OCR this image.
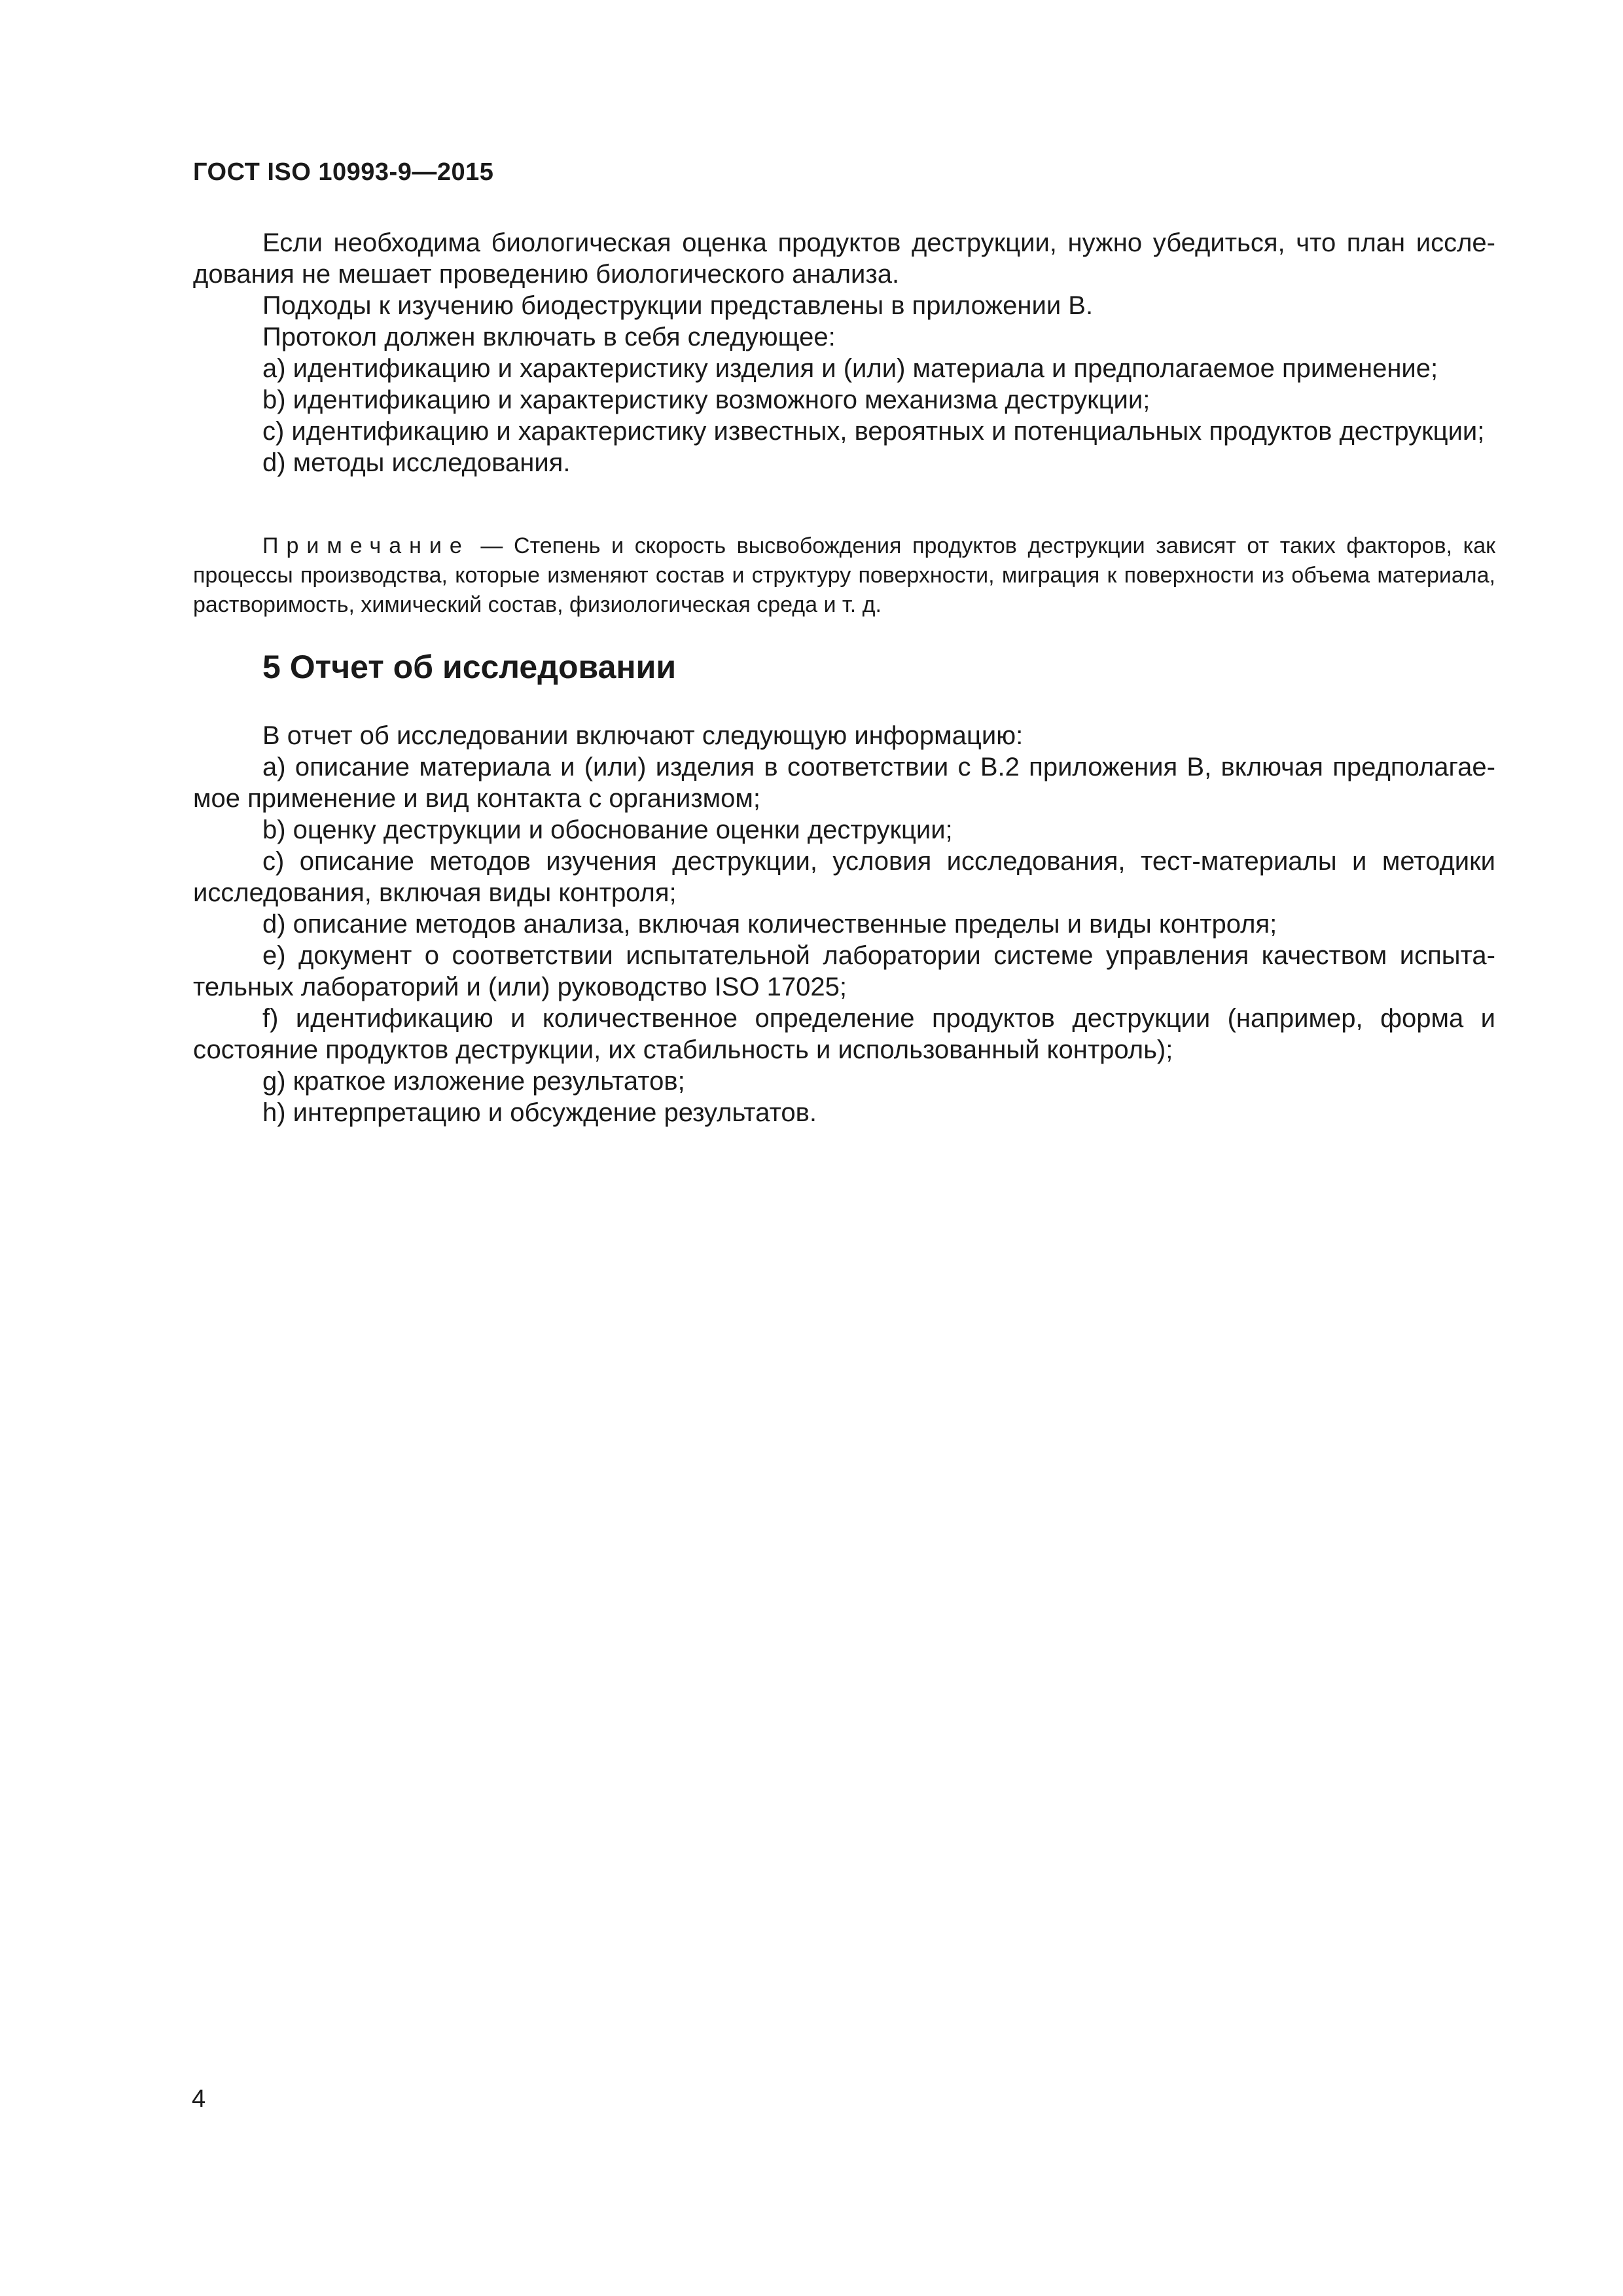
ГОСТ ISO 10993-9—2015

Если необходима биологическая оценка продуктов деструкции, нужно убедиться, что план иссле-дования не мешает проведению биологического анализа.

Подходы к изучению биодеструкции представлены в приложении В.

Протокол должен включать в себя следующее:

a) идентификацию и характеристику изделия и (или) материала и предполагаемое применение;

b) идентификацию и характеристику возможного механизма деструкции;

c) идентификацию и характеристику известных, вероятных и потенциальных продуктов деструкции;

d) методы исследования.

Примечание — Степень и скорость высвобождения продуктов деструкции зависят от таких факторов, как процессы производства, которые изменяют состав и структуру поверхности, миграция к поверхности из объема материала, растворимость, химический состав, физиологическая среда и т. д.

5 Отчет об исследовании

В отчет об исследовании включают следующую информацию:

a) описание материала и (или) изделия в соответствии с В.2 приложения В, включая предполагае-мое применение и вид контакта с организмом;

b) оценку деструкции и обоснование оценки деструкции;

c) описание методов изучения деструкции, условия исследования, тест-материалы и методики исследования, включая виды контроля;

d) описание методов анализа, включая количественные пределы и виды контроля;

e) документ о соответствии испытательной лаборатории системе управления качеством испыта-тельных лабораторий и (или) руководство ISO 17025;

f) идентификацию и количественное определение продуктов деструкции (например, форма и состояние продуктов деструкции, их стабильность и использованный контроль);

g) краткое изложение результатов;

h) интерпретацию и обсуждение результатов.

4
